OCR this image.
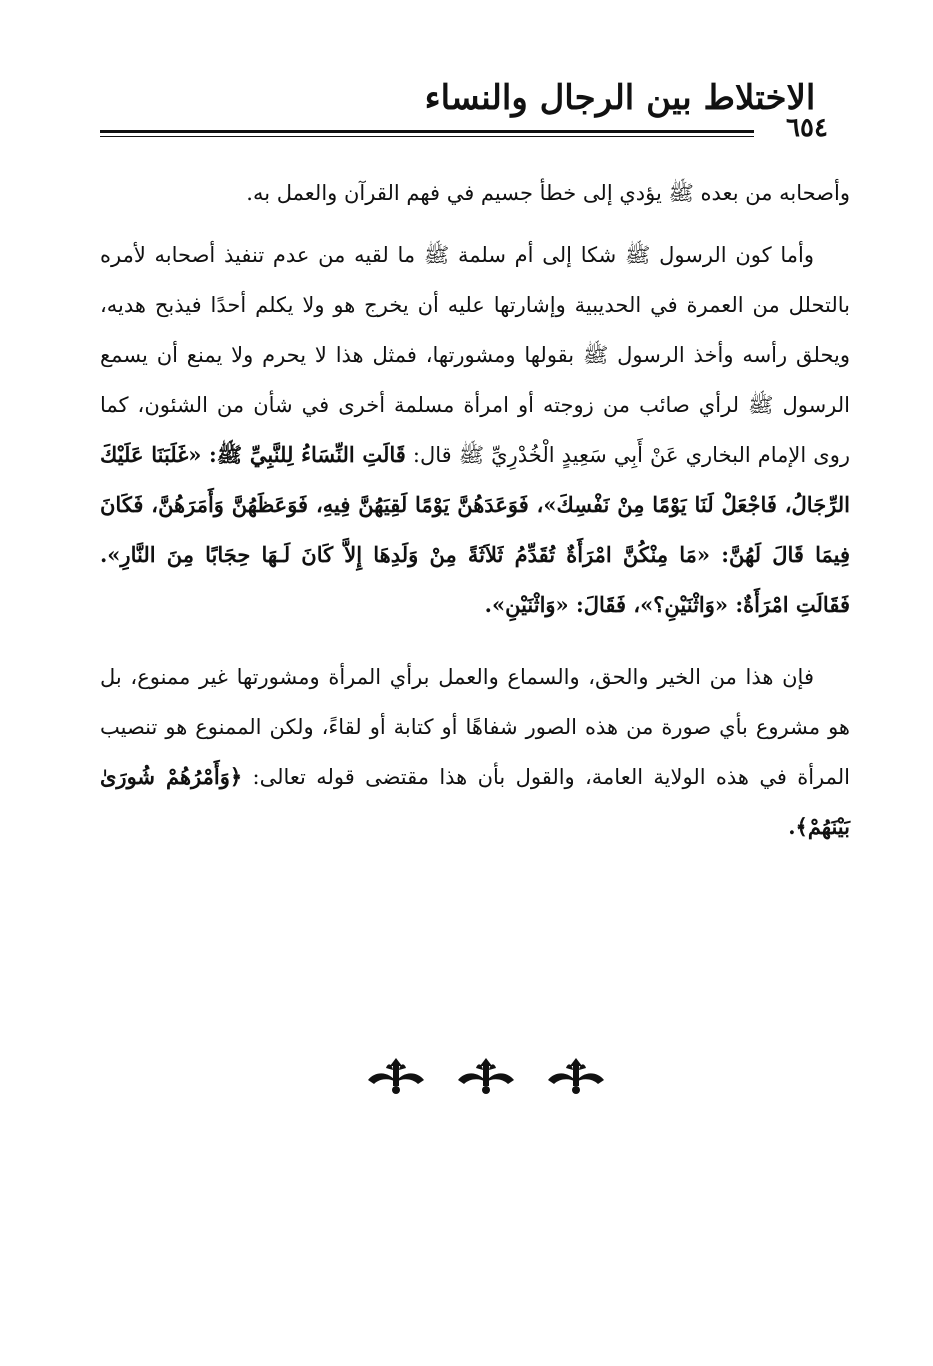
الاختلاط بين الرجال والنساء
٦٥٤

وأصحابه من بعده ﷺ يؤدي إلى خطأ جسيم في فهم القرآن والعمل به.

وأما كون الرسول ﷺ شكا إلى أم سلمة ﷺ ما لقيه من عدم تنفيذ أصحابه لأمره بالتحلل من العمرة في الحديبية وإشارتها عليه أن يخرج هو ولا يكلم أحدًا فيذبح هديه، ويحلق رأسه وأخذ الرسول ﷺ بقولها ومشورتها، فمثل هذا لا يحرم ولا يمنع أن يسمع الرسول ﷺ لرأي صائب من زوجته أو امرأة مسلمة أخرى في شأن من الشئون، كما روى الإمام البخاري عَنْ أَبِي سَعِيدٍ الْخُدْرِيِّ ﷺ قال: قَالَتِ النِّسَاءُ لِلنَّبِيِّ ﷺ: «غَلَبَنَا عَلَيْكَ الرِّجَالُ، فَاجْعَلْ لَنَا يَوْمًا مِنْ نَفْسِكَ»، فَوَعَدَهُنَّ يَوْمًا لَقِيَهُنَّ فِيهِ، فَوَعَظَهُنَّ وَأَمَرَهُنَّ، فَكَانَ فِيمَا قَالَ لَهُنَّ: «مَا مِنْكُنَّ امْرَأَةٌ تُقَدِّمُ ثَلاَثَةً مِنْ وَلَدِهَا إِلاَّ كَانَ لَـهَا حِجَابًا مِنَ النَّارِ». فَقَالَتِ امْرَأَةٌ: «وَاثْنَيْنِ؟»، فَقَالَ: «وَاثْنَيْنِ».

فإن هذا من الخير والحق، والسماع والعمل برأي المرأة ومشورتها غير ممنوع، بل هو مشروع بأي صورة من هذه الصور شفاهًا أو كتابة أو لقاءً، ولكن الممنوع هو تنصيب المرأة في هذه الولاية العامة، والقول بأن هذا مقتضى قوله تعالى: ﴿وَأَمْرُهُمْ شُورَىٰ بَيْنَهُمْ﴾.
